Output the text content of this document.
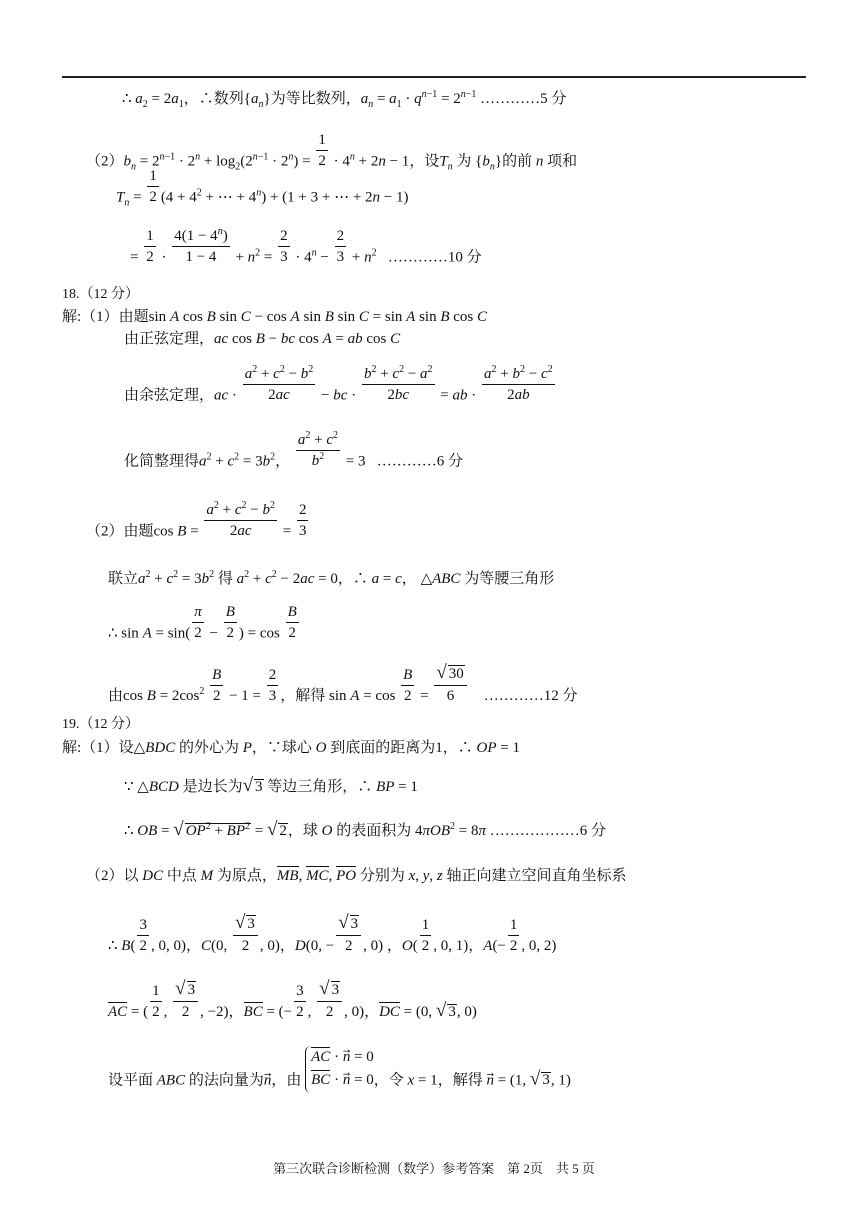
∴ $a_2 = 2a_1$，∴数列$\{a_n\}$为等比数列，$a_n = a_1 \cdot q^{n-1} = 2^{n-1}$ …………5 分
$(2)b_n = 2^{n-1} \cdot 2^n + \log_2(2^{n-1} \cdot 2^n) = \frac{1}{2} \cdot 4^n + 2n - 1$，设$T_n$ 为 $\{b_n\}$的前 n 项和
$T_n = \frac{1}{2} (4 + 4^2$ + ⋯ + $4^n) + (1 + 3$ + ⋯ + 2n − 1)
= $\frac{1}{2} \cdot \frac{4(1 - 4^n)}{1 - 4} + n^2 = \frac{2}{3} \cdot 4^n - \frac{2}{3} + n^2$ …………10 分
18.（12 分）
解:（1）由题sin A cos B sin C − cos A sin B sin C = sin A sin B cos C
由正弦定理，ac cos B − bc cos A = ab cos C
由余弦定理，ac · $\frac{a^2 + c^2 - b^2}{2ac}$ − bc · $\frac{b^2 + c^2 - a^2}{2bc}$ = ab · $\frac{a^2 + b^2 - c^2}{2ab}$
化简整理得$a^2 + c^2 = 3b^2$， $\frac{a^2 + c^2}{b^2} = 3$   …………6 分
（2）由题$\cos B = \frac{a^2 + c^2 - b^2}{2ac} = \frac{2}{3}$
联立$a^2 + c^2 = 3b^2$ 得 $a^2 + c^2 - 2ac = 0$，∴ a = c， △ABC 为等腰三角形
∴ $\sin A = \sin( \frac{\pi}{2} - \frac{B}{2}$ ) = $\cos \frac{B}{2}$
由$\cos B = 2\cos^2 \frac{B}{2} - 1 = \frac{2}{3}$ ，解得 $\sin A = \cos \frac{B}{2} = \frac{√ 30}{6}$ …………12 分
19.（12 分）
解:（1）设△BDC 的外心为 P，∵球心 O 到底面的距离为1，∴ OP = 1
∵ △BCD 是边长为√ 3 等边三角形，∴ BP = 1
∴ OB = √ $OP^2 + BP^2$ = √ 2，球 O 的表面积为 4πOB$^2$ = 8π ………………6 分
（2）以 DC 中点 M 为原点，MB, MC, PO 分别为 x, y, z 轴正向建立空间直角坐标系
∴ $B( \frac{3}{2}$ , 0, 0)，C(0, $\frac{√ 3}{2}$ , 0)，D(0, − $\frac{√ 3}{2}$ , 0) ，$O( \frac{1}{2}$ , 0, 1)，$A(- \frac{1}{2}$ , 0, 2)
AC = ( $\frac{1}{2}$ , $\frac{√ 3}{2}$ , −2)，BC = (− $\frac{3}{2}$ , $\frac{√ 3}{2}$ , 0)，DC = (0, √ 3, 0)
设平面 ABC 的法向量为n，由 AC · n⃗ = 0
BC · n⃗ = 0，令 x = 1，解得 n⃗ = (1, √ 3, 1)
第三次联合诊断检测（数学）参考答案　第 2页　共 5 页
